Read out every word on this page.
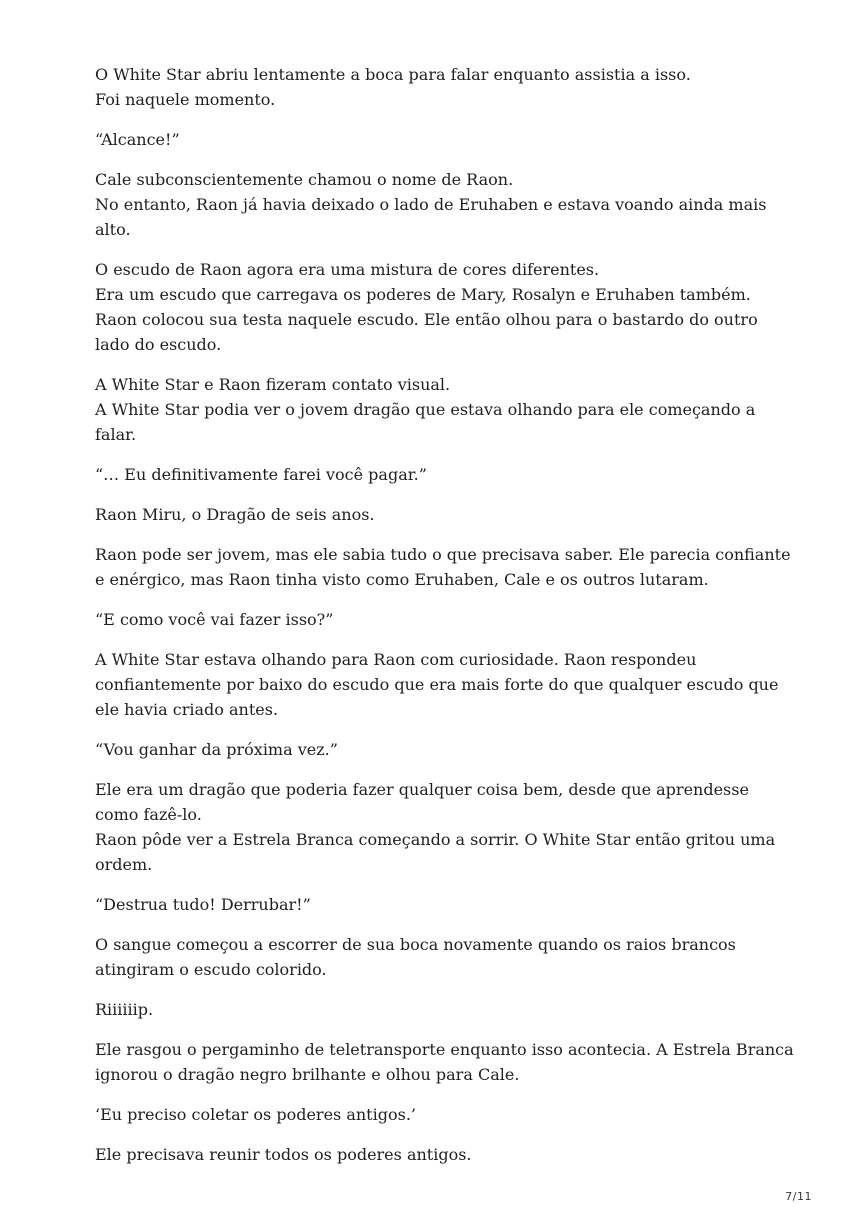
O White Star abriu lentamente a boca para falar enquanto assistia a isso.
Foi naquele momento.

“Alcance!”

Cale subconscientemente chamou o nome de Raon.
No entanto, Raon já havia deixado o lado de Eruhaben e estava voando ainda mais alto.

O escudo de Raon agora era uma mistura de cores diferentes.
Era um escudo que carregava os poderes de Mary, Rosalyn e Eruhaben também.
Raon colocou sua testa naquele escudo. Ele então olhou para o bastardo do outro lado do escudo.

A White Star e Raon fizeram contato visual.
A White Star podia ver o jovem dragão que estava olhando para ele começando a falar.

“… Eu definitivamente farei você pagar.”

Raon Miru, o Dragão de seis anos.

Raon pode ser jovem, mas ele sabia tudo o que precisava saber. Ele parecia confiante e enérgico, mas Raon tinha visto como Eruhaben, Cale e os outros lutaram.

“E como você vai fazer isso?”

A White Star estava olhando para Raon com curiosidade. Raon respondeu confiantemente por baixo do escudo que era mais forte do que qualquer escudo que ele havia criado antes.

“Vou ganhar da próxima vez.”

Ele era um dragão que poderia fazer qualquer coisa bem, desde que aprendesse como fazê-lo.
Raon pôde ver a Estrela Branca começando a sorrir. O White Star então gritou uma ordem.

“Destrua tudo! Derrubar!”

O sangue começou a escorrer de sua boca novamente quando os raios brancos atingiram o escudo colorido.

Riiiiiip.

Ele rasgou o pergaminho de teletransporte enquanto isso acontecia. A Estrela Branca ignorou o dragão negro brilhante e olhou para Cale.

‘Eu preciso coletar os poderes antigos.’

Ele precisava reunir todos os poderes antigos.

7/11
